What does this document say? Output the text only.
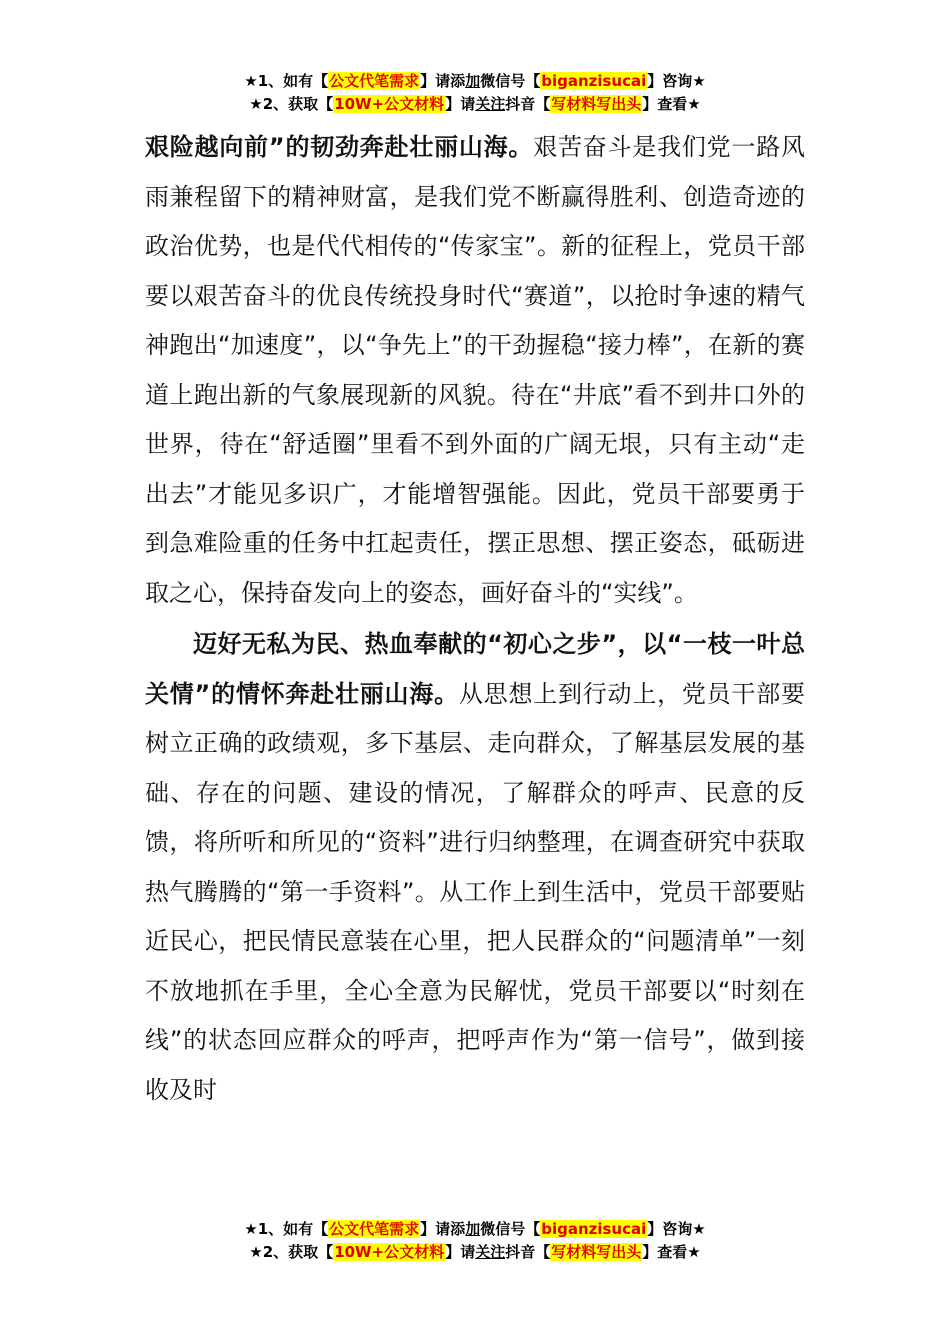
★1、如有【公文代笔需求】请添加微信号【biganzisucai】咨询★
★2、获取【10W+公文材料】请关注抖音【写材料写出头】查看★

艰险越向前”的韧劲奔赴壮丽山海。艰苦奋斗是我们党一路风雨兼程留下的精神财富，是我们党不断赢得胜利、创造奇迹的政治优势，也是代代相传的“传家宝”。新的征程上，党员干部要以艰苦奋斗的优良传统投身时代“赛道”，以抢时争速的精气神跑出“加速度”，以“争先上”的干劲握稳“接力棒”，在新的赛道上跑出新的气象展现新的风貌。待在“井底”看不到井口外的世界，待在“舒适圈”里看不到外面的广阔无垠，只有主动“走出去”才能见多识广，才能增智强能。因此，党员干部要勇于到急难险重的任务中扛起责任，摆正思想、摆正姿态，砥砺进取之心，保持奋发向上的姿态，画好奋斗的“实线”。

迈好无私为民、热血奉献的“初心之步”，以“一枝一叶总关情”的情怀奔赴壮丽山海。从思想上到行动上，党员干部要树立正确的政绩观，多下基层、走向群众，了解基层发展的基础、存在的问题、建设的情况，了解群众的呼声、民意的反馈，将所听和所见的“资料”进行归纳整理，在调查研究中获取热气腾腾的“第一手资料”。从工作上到生活中，党员干部要贴近民心，把民情民意装在心里，把人民群众的“问题清单”一刻不放地抓在手里，全心全意为民解忧，党员干部要以“时刻在线”的状态回应群众的呼声，把呼声作为“第一信号”，做到接收及时

★1、如有【公文代笔需求】请添加微信号【biganzisucai】咨询★
★2、获取【10W+公文材料】请关注抖音【写材料写出头】查看★
